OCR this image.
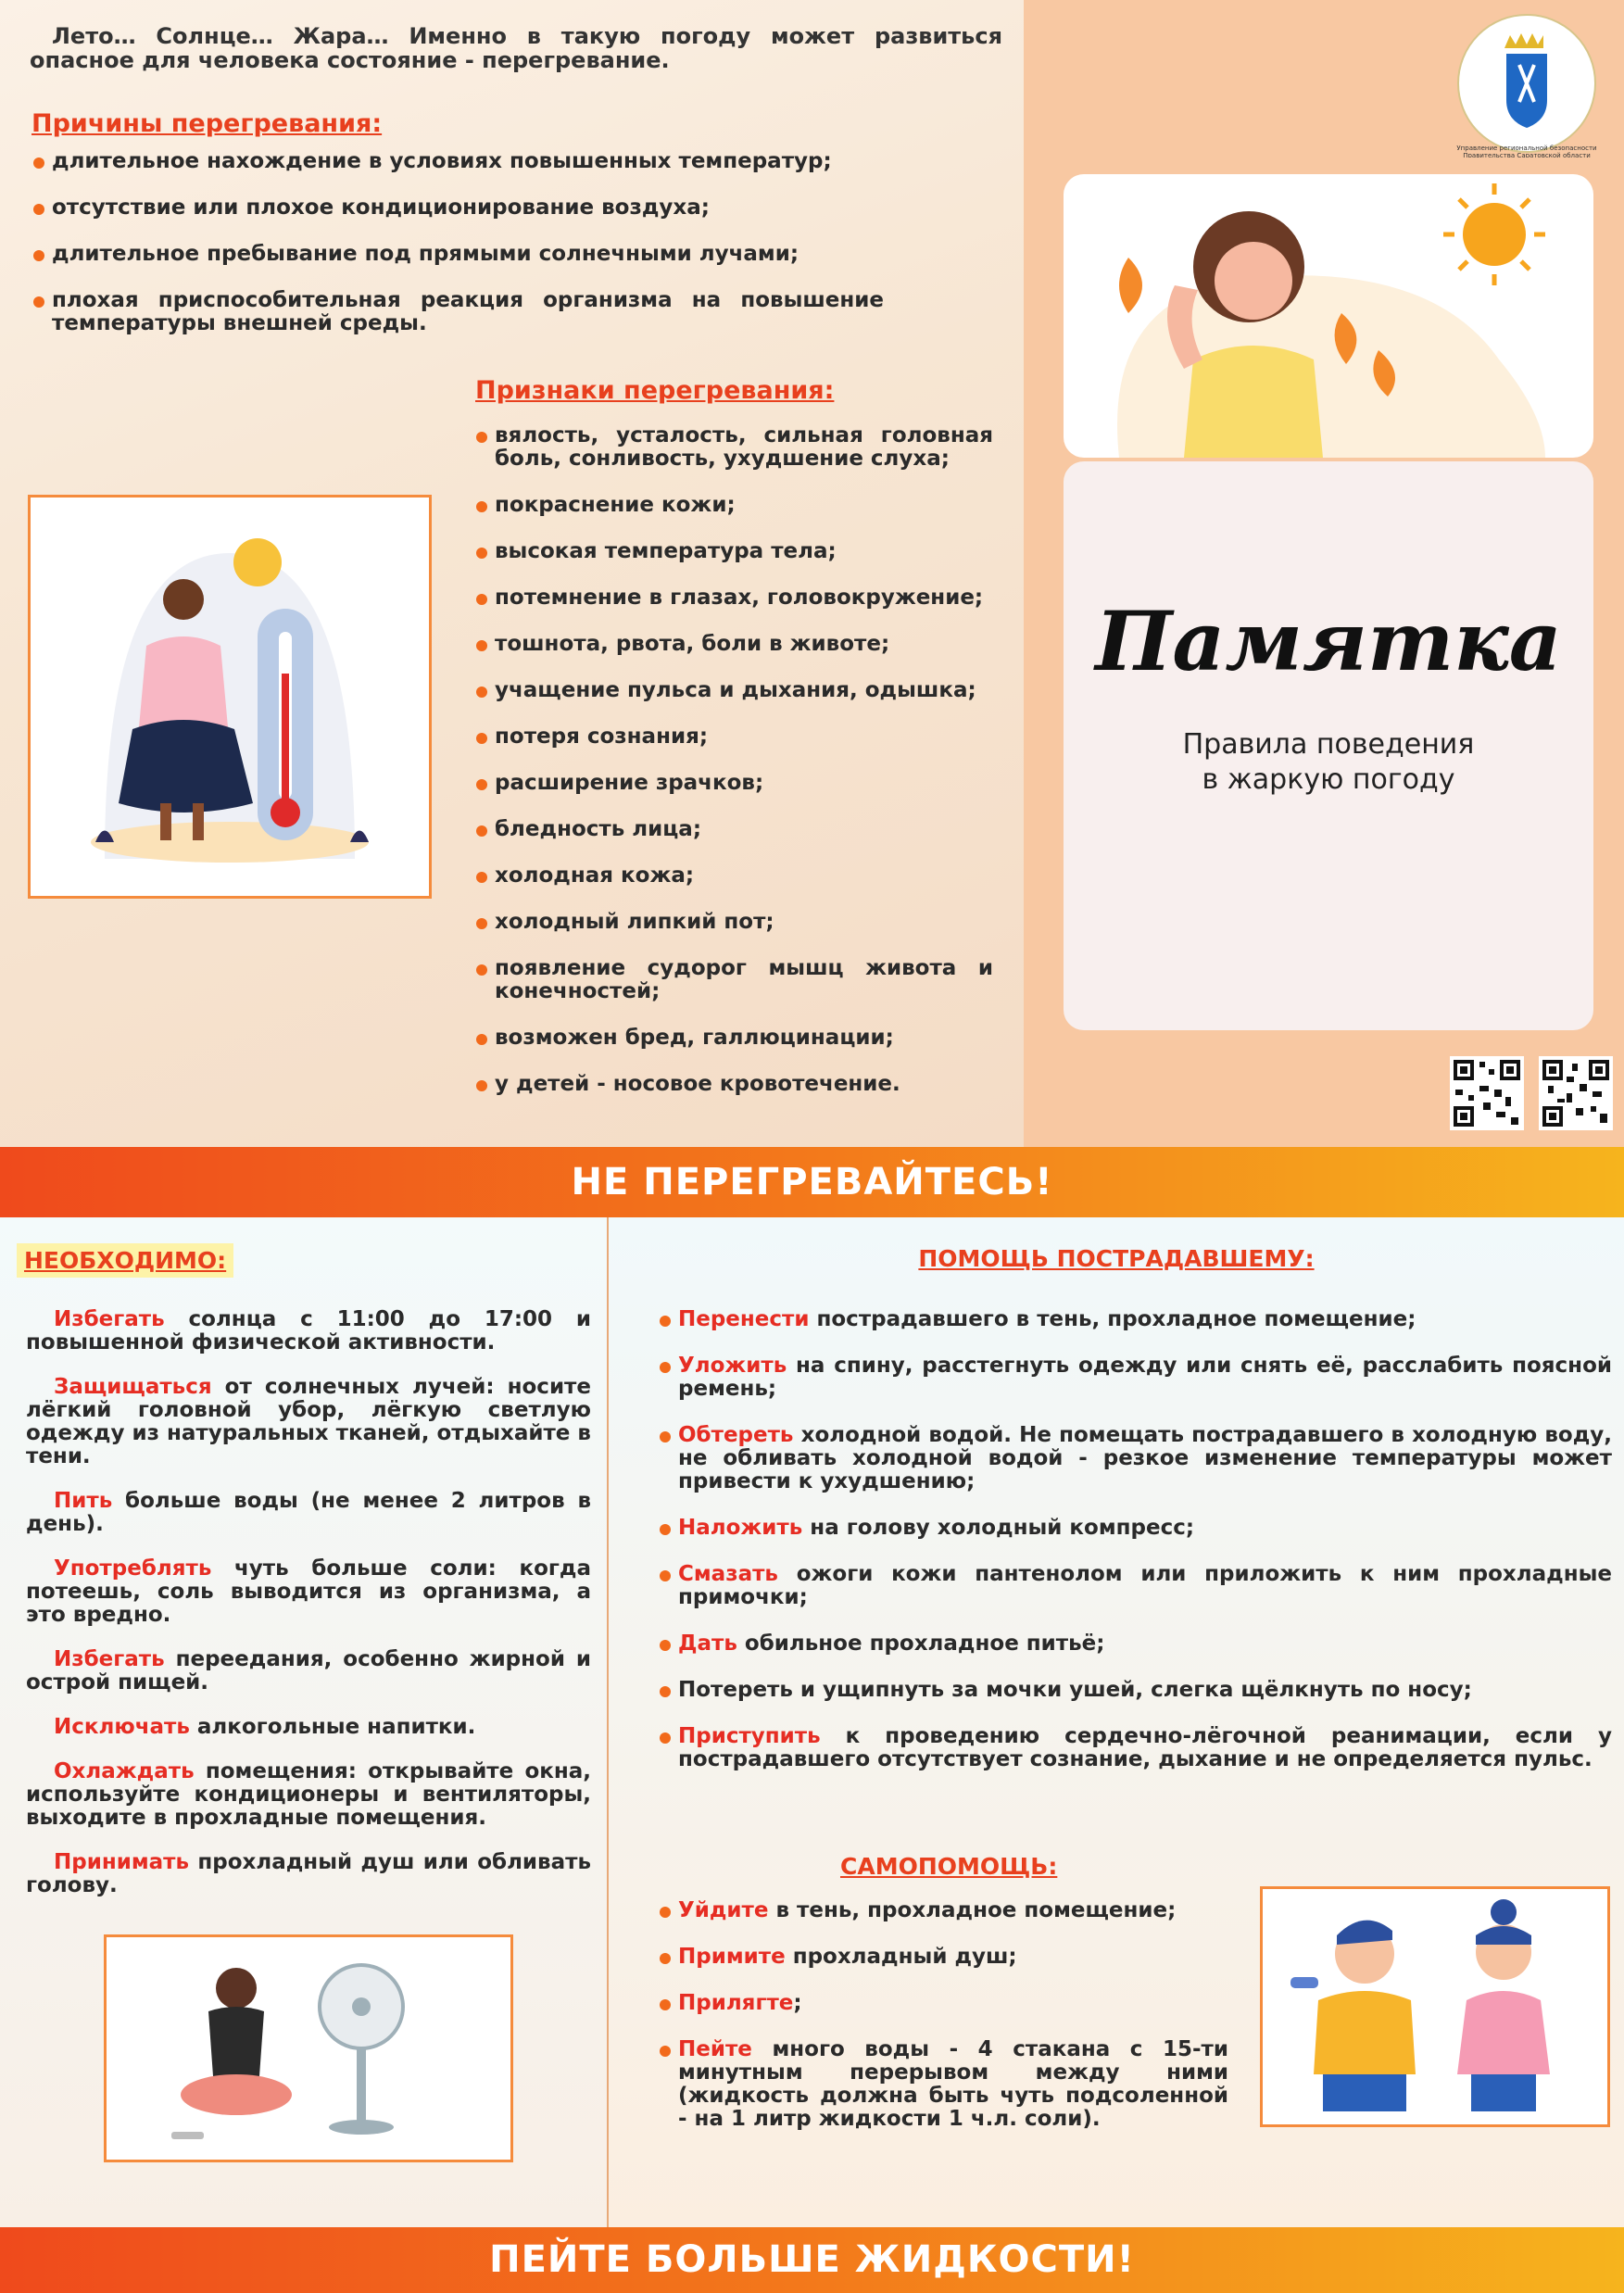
Лето… Солнце… Жара… Именно в такую погоду может развиться опасное для человека состояние - перегревание.
Причины перегревания:
длительное нахождение в условиях повышенных температур;
отсутствие или плохое кондиционирование воздуха;
длительное пребывание под прямыми солнечными лучами;
плохая приспособительная реакция организма на повышение температуры внешней среды.
Признаки перегревания:
вялость, усталость, сильная головная боль, сонливость, ухудшение слуха;
покраснение кожи;
высокая температура тела;
потемнение в глазах, головокружение;
тошнота, рвота, боли в животе;
учащение пульса и дыхания, одышка;
потеря сознания;
расширение зрачков;
бледность лица;
холодная кожа;
холодный липкий пот;
появление судорог мышц живота и конечностей;
возможен бред, галлюцинации;
у детей - носовое кровотечение.
Управление региональной безопасности Правительства Саратовской области
Памятка
Правила поведения
в жаркую погоду
НЕ ПЕРЕГРЕВАЙТЕСЬ!
НЕОБХОДИМО:

Избегать солнца с 11:00 до 17:00 и повышенной физической активности.

Защищаться от солнечных лучей: носите лёгкий головной убор, лёгкую светлую одежду из натуральных тканей, отдыхайте в тени.

Пить больше воды (не менее 2 литров в день).

Употреблять чуть больше соли: когда потеешь, соль выводится из организма, а это вредно.

Избегать переедания, особенно жирной и острой пищей.

Исключать алкогольные напитки.

Охлаждать помещения: открывайте окна, используйте кондиционеры и вентиляторы, выходите в прохладные помещения.

Принимать прохладный душ или обливать голову.

ПОМОЩЬ ПОСТРАДАВШЕМУ:
Перенести пострадавшего в тень, прохладное помещение;
Уложить на спину, расстегнуть одежду или снять её, расслабить поясной ремень;
Обтереть холодной водой. Не помещать пострадавшего в холодную воду, не обливать холодной водой - резкое изменение температуры может привести к ухудшению;
Наложить на голову холодный компресс;
Смазать ожоги кожи пантенолом или приложить к ним прохладные примочки;
Дать обильное прохладное питьё;
Потереть и ущипнуть за мочки ушей, слегка щёлкнуть по носу;
Приступить к проведению сердечно-лёгочной реанимации, если у пострадавшего отсутствует сознание, дыхание и не определяется пульс.
САМОПОМОЩЬ:
Уйдите в тень, прохладное помещение;
Примите прохладный душ;
Прилягте;
Пейте много воды - 4 стакана с 15-ти минутным перерывом между ними (жидкость должна быть чуть подсоленной - на 1 литр жидкости 1 ч.л. соли).
ПЕЙТЕ БОЛЬШЕ ЖИДКОСТИ!
